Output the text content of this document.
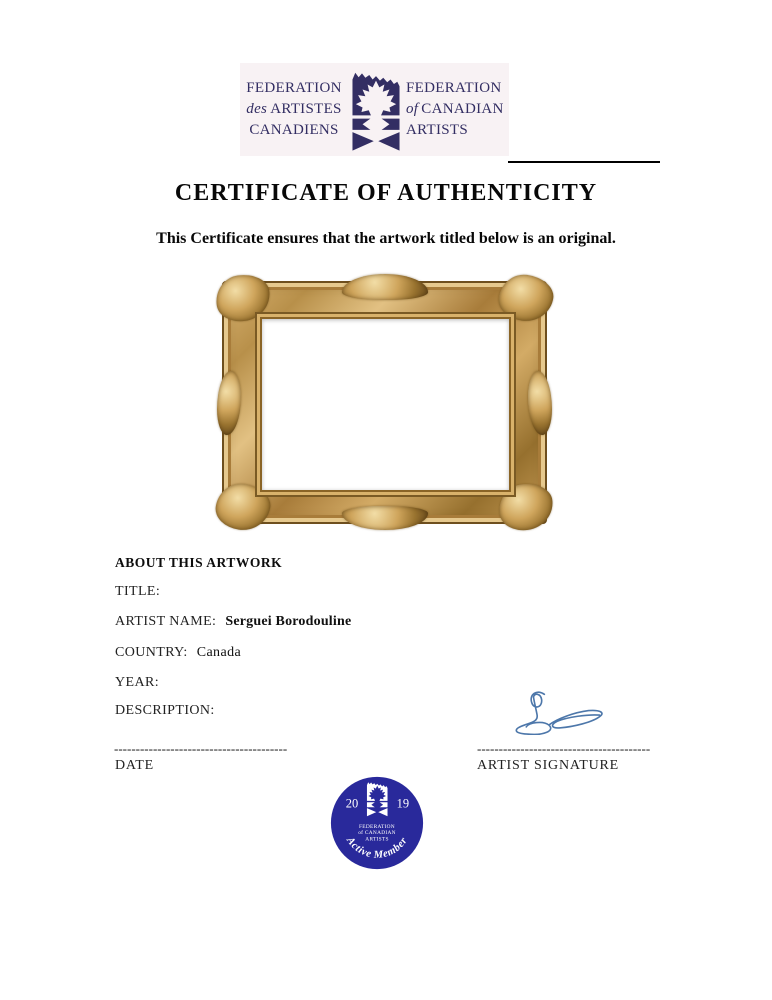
FEDERATION
des ARTISTES
CANADIENS
FEDERATION
of CANADIAN
ARTISTS
CERTIFICATE OF AUTHENTICITY
This Certificate ensures that the artwork titled below is an original.
ABOUT THIS ARTWORK
TITLE:
ARTIST NAME: Serguei Borodouline
COUNTRY: Canada
YEAR:
DESCRIPTION:
----------------------------------------	----------------------------------------
DATE	ARTIST SIGNATURE
20	19
FEDERATION
of CANADIAN
ARTISTS
Active Member
